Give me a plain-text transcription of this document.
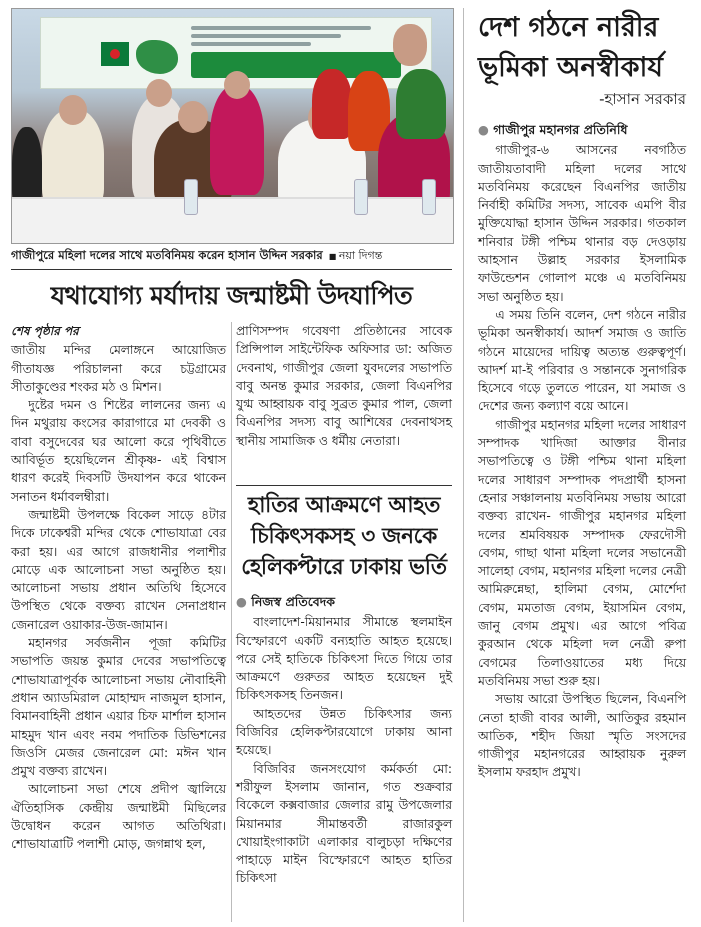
গাজীপুরে মহিলা দলের সাথে মতবিনিময় করেন হাসান উদ্দিন সরকার
■	নয়া দিগন্ত
যথাযোগ্য মর্যাদায় জন্মাষ্টমী উদযাপিত
শেষ পৃষ্ঠার পর

জাতীয় মন্দির মেলাঙ্গনে আয়োজিত গীতাযজ্ঞ পরিচালনা করে চট্টগ্রামের সীতাকুণ্ডের শংকর মঠ ও মিশন।

দুষ্টের দমন ও শিষ্টের লালনের জন্য এ দিন মথুরায় কংসের কারাগারে মা দেবকী ও বাবা বসুদেবের ঘর আলো করে পৃথিবীতে আবির্ভূত হয়েছিলেন শ্রীকৃষ্ণ- এই বিশ্বাস ধারণ করেই দিবসটি উদযাপন করে থাকেন সনাতন ধর্মাবলম্বীরা।

জন্মাষ্টমী উপলক্ষে বিকেল সাড়ে ৪টার দিকে ঢাকেশ্বরী মন্দির থেকে শোভাযাত্রা বের করা হয়। এর আগে রাজধানীর পলাশীর মোড়ে এক আলোচনা সভা অনুষ্ঠিত হয়। আলোচনা সভায় প্রধান অতিথি হিসেবে উপস্থিত থেকে বক্তব্য রাখেন সেনাপ্রধান জেনারেল ওয়াকার-উজ-জামান।

মহানগর সর্বজনীন পূজা কমিটির সভাপতি জয়ন্ত কুমার দেবের সভাপতিত্বে শোভাযাত্রাপূর্বক আলোচনা সভায় নৌবাহিনী প্রধান অ্যাডমিরাল মোহাম্মদ নাজমুল হাসান, বিমানবাহিনী প্রধান এয়ার চিফ মার্শাল হাসান মাহমুদ খান এবং নবম পদাতিক ডিভিশনের জিওসি মেজর জেনারেল মো: মঈন খান প্রমুখ বক্তব্য রাখেন।

আলোচনা সভা শেষে প্রদীপ জ্বালিয়ে ঐতিহাসিক কেন্দ্রীয় জন্মাষ্টমী মিছিলের উদ্বোধন করেন আগত অতিথিরা। শোভাযাত্রাটি পলাশী মোড়, জগন্নাথ হল,

প্রাণিসম্পদ গবেষণা প্রতিষ্ঠানের সাবেক প্রিন্সিপাল সাইন্টেফিক অফিসার ডা: অজিত দেবনাথ, গাজীপুর জেলা যুবদলের সভাপতি বাবু অনন্ত কুমার সরকার, জেলা বিএনপির যুগ্ম আহ্বায়ক বাবু সুব্রত কুমার পাল, জেলা বিএনপির সদস্য বাবু আশিষের দেবনাথসহ স্থানীয় সামাজিক ও ধর্মীয় নেতারা।

হাতির আক্রমণে আহত চিকিৎসকসহ ৩ জনকে হেলিকপ্টারে ঢাকায় ভর্তি
● নিজস্ব প্রতিবেদক

বাংলাদেশ-মিয়ানমার সীমান্তে স্থলমাইন বিস্ফোরণে একটি বন্যহাতি আহত হয়েছে। পরে সেই হাতিকে চিকিৎসা দিতে গিয়ে তার আক্রমণে গুরুতর আহত হয়েছেন দুই চিকিৎসকসহ তিনজন।

আহতদের উন্নত চিকিৎসার জন্য বিজিবির হেলিকপ্টারযোগে ঢাকায় আনা হয়েছে।

বিজিবির জনসংযোগ কর্মকর্তা মো: শরীফুল ইসলাম জানান, গত শুক্রবার বিকেলে কক্সবাজার জেলার রামু উপজেলার মিয়ানমার সীমান্তবর্তী রাজারকুল খোয়াইংগাকাটা এলাকার বালুচড়া দক্ষিণের পাহাড়ে মাইন বিস্ফোরণে আহত হাতির চিকিৎসা

দেশ গঠনে নারীর ভূমিকা অনস্বীকার্য
-হাসান সরকার
● গাজীপুর মহানগর প্রতিনিধি

গাজীপুর-৬ আসনের নবগঠিত জাতীয়তাবাদী মহিলা দলের সাথে মতবিনিময় করেছেন বিএনপির জাতীয় নির্বাহী কমিটির সদস্য, সাবেক এমপি বীর মুক্তিযোদ্ধা হাসান উদ্দিন সরকার। গতকাল শনিবার টঙ্গী পশ্চিম থানার বড় দেওড়ায় আহসান উল্লাহ সরকার ইসলামিক ফাউন্ডেশন গোলাপ মঞ্চে এ মতবিনিময় সভা অনুষ্ঠিত হয়।

এ সময় তিনি বলেন, দেশ গঠনে নারীর ভূমিকা অনস্বীকার্য। আদর্শ সমাজ ও জাতি গঠনে মায়েদের দায়িত্ব অত্যন্ত গুরুত্বপূর্ণ। আদর্শ মা-ই পরিবার ও সন্তানকে সুনাগরিক হিসেবে গড়ে তুলতে পারেন, যা সমাজ ও দেশের জন্য কল্যাণ বয়ে আনে।

গাজীপুর মহানগর মহিলা দলের সাধারণ সম্পাদক খাদিজা আক্তার বীনার সভাপতিত্বে ও টঙ্গী পশ্চিম থানা মহিলা দলের সাধারণ সম্পাদক পদপ্রার্থী হাসনা হেনার সঞ্চালনায় মতবিনিময় সভায় আরো বক্তব্য রাখেন- গাজীপুর মহানগর মহিলা দলের শ্রমবিষয়ক সম্পাদক ফেরদৌসী বেগম, গাছা থানা মহিলা দলের সভানেত্রী সালেহা বেগম, মহানগর মহিলা দলের নেত্রী আমিরুন্নেছা, হালিমা বেগম, মোর্শেদা বেগম, মমতাজ বেগম, ইয়াসমিন বেগম, জানু বেগম প্রমুখ। এর আগে পবিত্র কুরআন থেকে মহিলা দল নেত্রী রুপা বেগমের তিলাওয়াতের মধ্য দিয়ে মতবিনিময় সভা শুরু হয়।

সভায় আরো উপস্থিত ছিলেন, বিএনপি নেতা হাজী বাবর আলী, আতিকুর রহমান আতিক, শহীদ জিয়া স্মৃতি সংসদের গাজীপুর মহানগরের আহ্বায়ক নুরুল ইসলাম ফরহাদ প্রমুখ।
